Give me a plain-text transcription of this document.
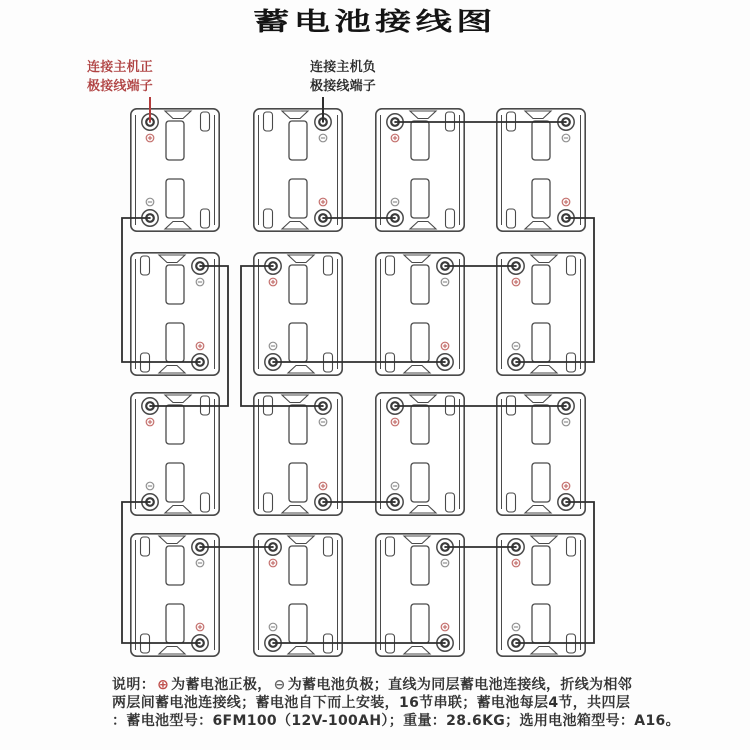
蓄电池接线图
连接主机正
极接线端子
连接主机负
极接线端子
说明： ⊕ 为蓄电池正极， ⊖ 为蓄电池负极；直线为同层蓄电池连接线，折线为相邻
两层间蓄电池连接线；蓄电池自下而上安装，16节串联；蓄电池每层4节，共四层
：蓄电池型号：6FM100（12V-100AH）；重量：28.6KG；选用电池箱型号：A16。
